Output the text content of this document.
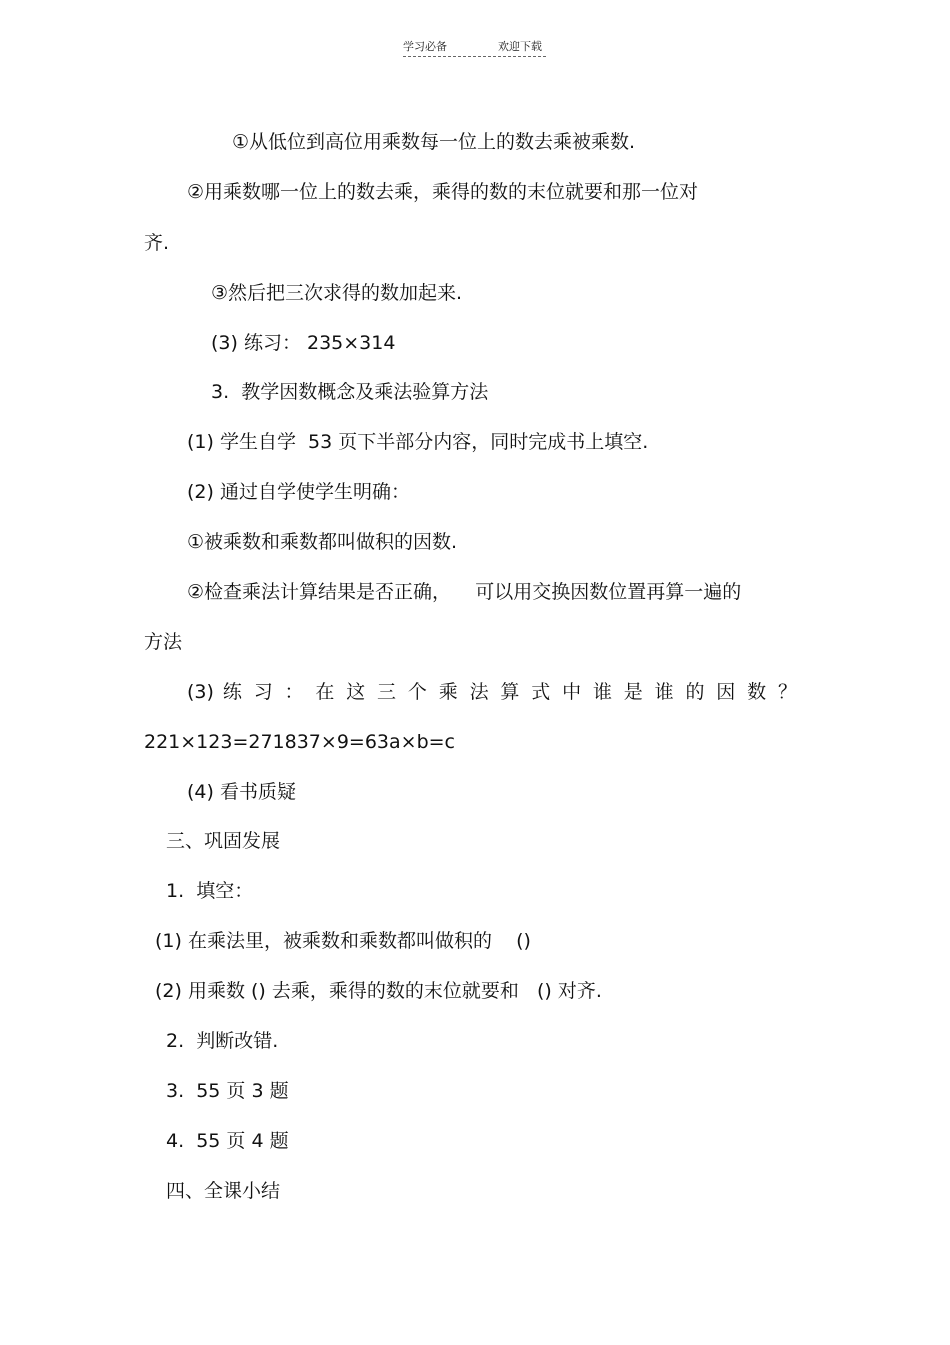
学习必备	欢迎下载
①从低位到高位用乘数每一位上的数去乘被乘数.
②用乘数哪一位上的数去乘，乘得的数的末位就要和那一位对
齐.
③然后把三次求得的数加起来.
(3) 练习： 235×314
3.  教学因数概念及乘法验算方法
(1) 学生自学  53 页下半部分内容，同时完成书上填空.
(2) 通过自学使学生明确：
①被乘数和乘数都叫做积的因数.
②检查乘法计算结果是否正确，    可以用交换因数位置再算一遍的
方法
(3) 练 习 ： 在 这 三 个 乘 法 算 式 中 谁 是 谁 的 因 数 ？
221×123=271837×9=63a×b=c
(4) 看书质疑
三、巩固发展
1.  填空：
(1) 在乘法里，被乘数和乘数都叫做积的    ()
(2) 用乘数 () 去乘，乘得的数的末位就要和   () 对齐.
2.  判断改错.
3.  55 页 3 题
4.  55 页 4 题
四、全课小结
